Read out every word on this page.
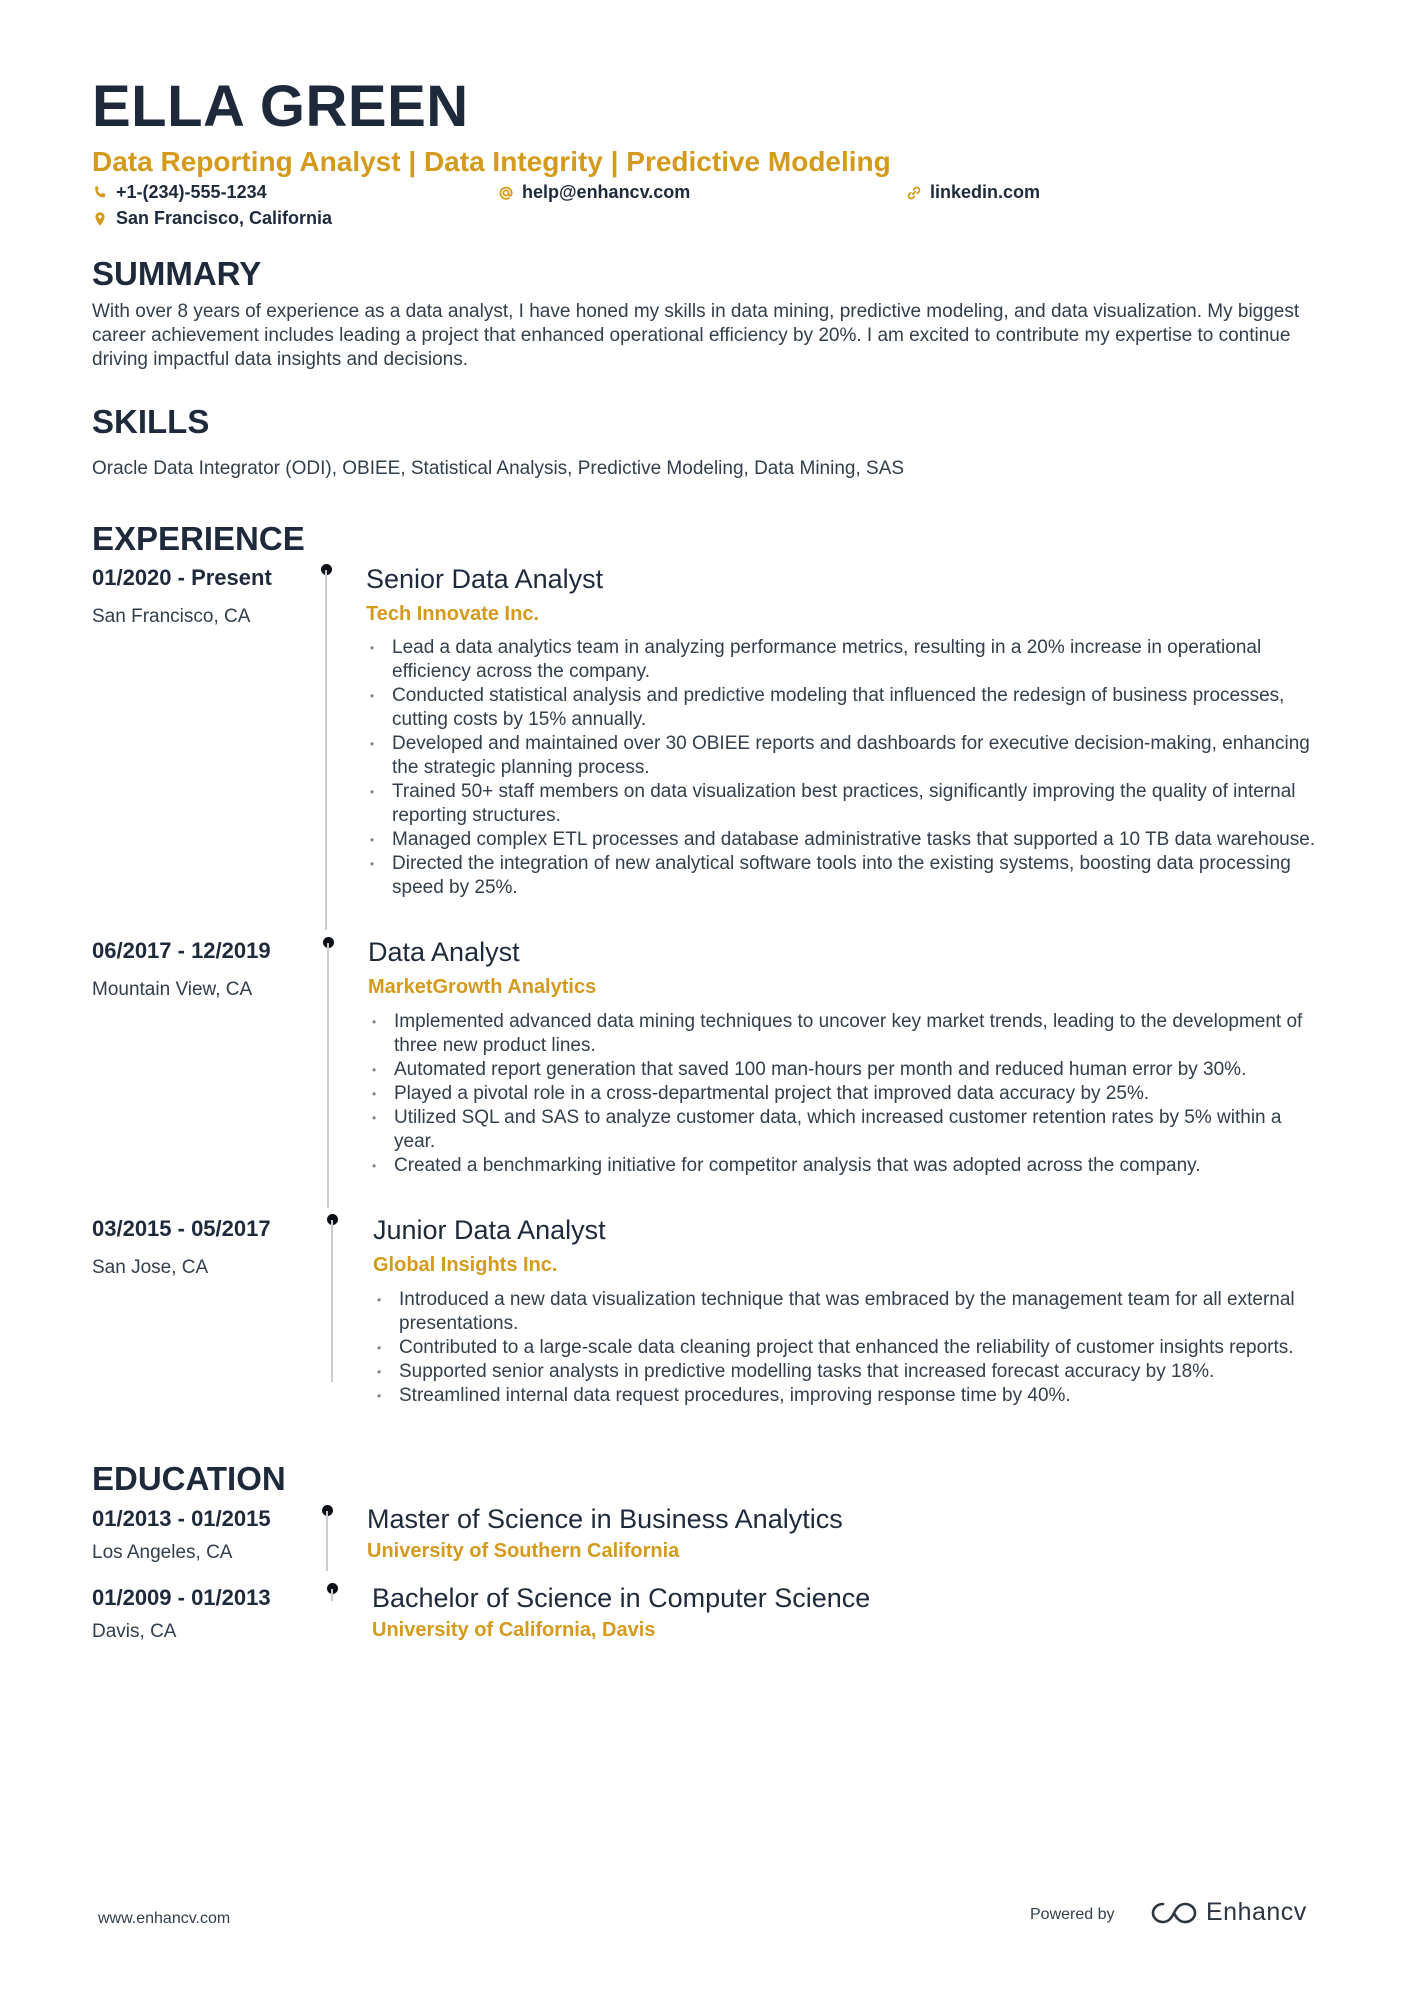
ELLA GREEN
Data Reporting Analyst | Data Integrity | Predictive Modeling
+1-(234)-555-1234	help@enhancv.com	linkedin.com
San Francisco, California
SUMMARY

With over 8 years of experience as a data analyst, I have honed my skills in data mining, predictive modeling, and data visualization. My biggest career achievement includes leading a project that enhanced operational efficiency by 20%. I am excited to contribute my expertise to continue driving impactful data insights and decisions.

SKILLS

Oracle Data Integrator (ODI), OBIEE, Statistical Analysis, Predictive Modeling, Data Mining, SAS

EXPERIENCE
01/2020 - Present
San Francisco, CA
Senior Data Analyst
Tech Innovate Inc.
• Lead a data analytics team in analyzing performance metrics, resulting in a 20% increase in operational efficiency across the company.
• Conducted statistical analysis and predictive modeling that influenced the redesign of business processes, cutting costs by 15% annually.
• Developed and maintained over 30 OBIEE reports and dashboards for executive decision-making, enhancing the strategic planning process.
• Trained 50+ staff members on data visualization best practices, significantly improving the quality of internal reporting structures.
• Managed complex ETL processes and database administrative tasks that supported a 10 TB data warehouse.
• Directed the integration of new analytical software tools into the existing systems, boosting data processing speed by 25%.
06/2017 - 12/2019
Mountain View, CA
Data Analyst
MarketGrowth Analytics
• Implemented advanced data mining techniques to uncover key market trends, leading to the development of three new product lines.
• Automated report generation that saved 100 man-hours per month and reduced human error by 30%.
• Played a pivotal role in a cross-departmental project that improved data accuracy by 25%.
• Utilized SQL and SAS to analyze customer data, which increased customer retention rates by 5% within a year.
• Created a benchmarking initiative for competitor analysis that was adopted across the company.
03/2015 - 05/2017
San Jose, CA
Junior Data Analyst
Global Insights Inc.
• Introduced a new data visualization technique that was embraced by the management team for all external presentations.
• Contributed to a large-scale data cleaning project that enhanced the reliability of customer insights reports.
• Supported senior analysts in predictive modelling tasks that increased forecast accuracy by 18%.
• Streamlined internal data request procedures, improving response time by 40%.
EDUCATION
01/2013 - 01/2015
Los Angeles, CA
Master of Science in Business Analytics
University of Southern California
01/2009 - 01/2013
Davis, CA
Bachelor of Science in Computer Science
University of California, Davis
www.enhancv.com	Powered by	Enhancv
